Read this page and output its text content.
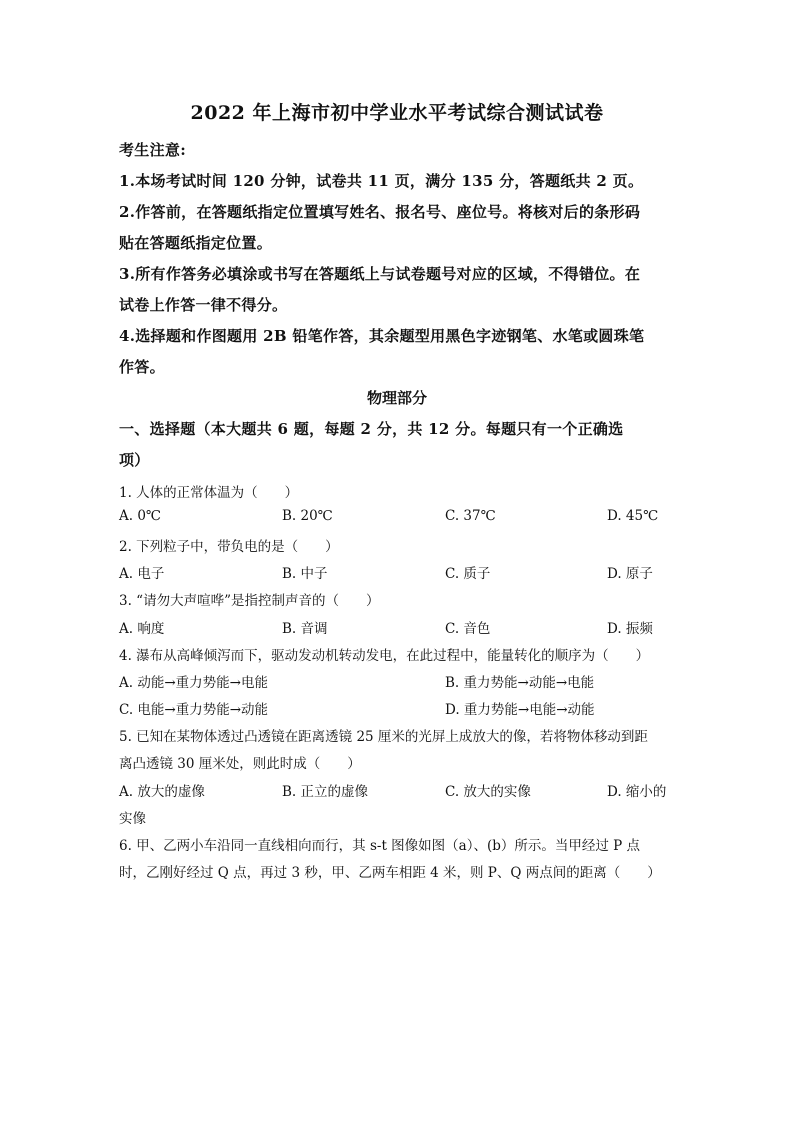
2022 年上海市初中学业水平考试综合测试试卷
考生注意:
1.本场考试时间 120 分钟，试卷共 11 页，满分 135 分，答题纸共 2 页。
2.作答前，在答题纸指定位置填写姓名、报名号、座位号。将核对后的条形码
贴在答题纸指定位置。
3.所有作答务必填涂或书写在答题纸上与试卷题号对应的区域，不得错位。在
试卷上作答一律不得分。
4.选择题和作图题用 2B 铅笔作答，其余题型用黑色字迹钢笔、水笔或圆珠笔
作答。
物理部分
一、选择题（本大题共 6 题，每题 2 分，共 12 分。每题只有一个正确选
项）
1. 人体的正常体温为（　　）
A. 0℃	B. 20℃	C. 37℃	D. 45℃
2. 下列粒子中，带负电的是（　　）
A. 电子	B. 中子	C. 质子	D. 原子
3. “请勿大声喧哗”是指控制声音的（　　）
A. 响度	B. 音调	C. 音色	D. 振频
4. 瀑布从高峰倾泻而下，驱动发动机转动发电，在此过程中，能量转化的顺序为（　　）
A. 动能→重力势能→电能	B. 重力势能→动能→电能
C. 电能→重力势能→动能	D. 重力势能→电能→动能
5. 已知在某物体透过凸透镜在距离透镜 25 厘米的光屏上成放大的像，若将物体移动到距
离凸透镜 30 厘米处，则此时成（　　）
A. 放大的虚像	B. 正立的虚像	C. 放大的实像	D. 缩小的
实像
6. 甲、乙两小车沿同一直线相向而行，其 s-t 图像如图（a）、(b）所示。当甲经过 P 点
时，乙刚好经过 Q 点，再过 3 秒，甲、乙两车相距 4 米，则 P、Q 两点间的距离（　　）
